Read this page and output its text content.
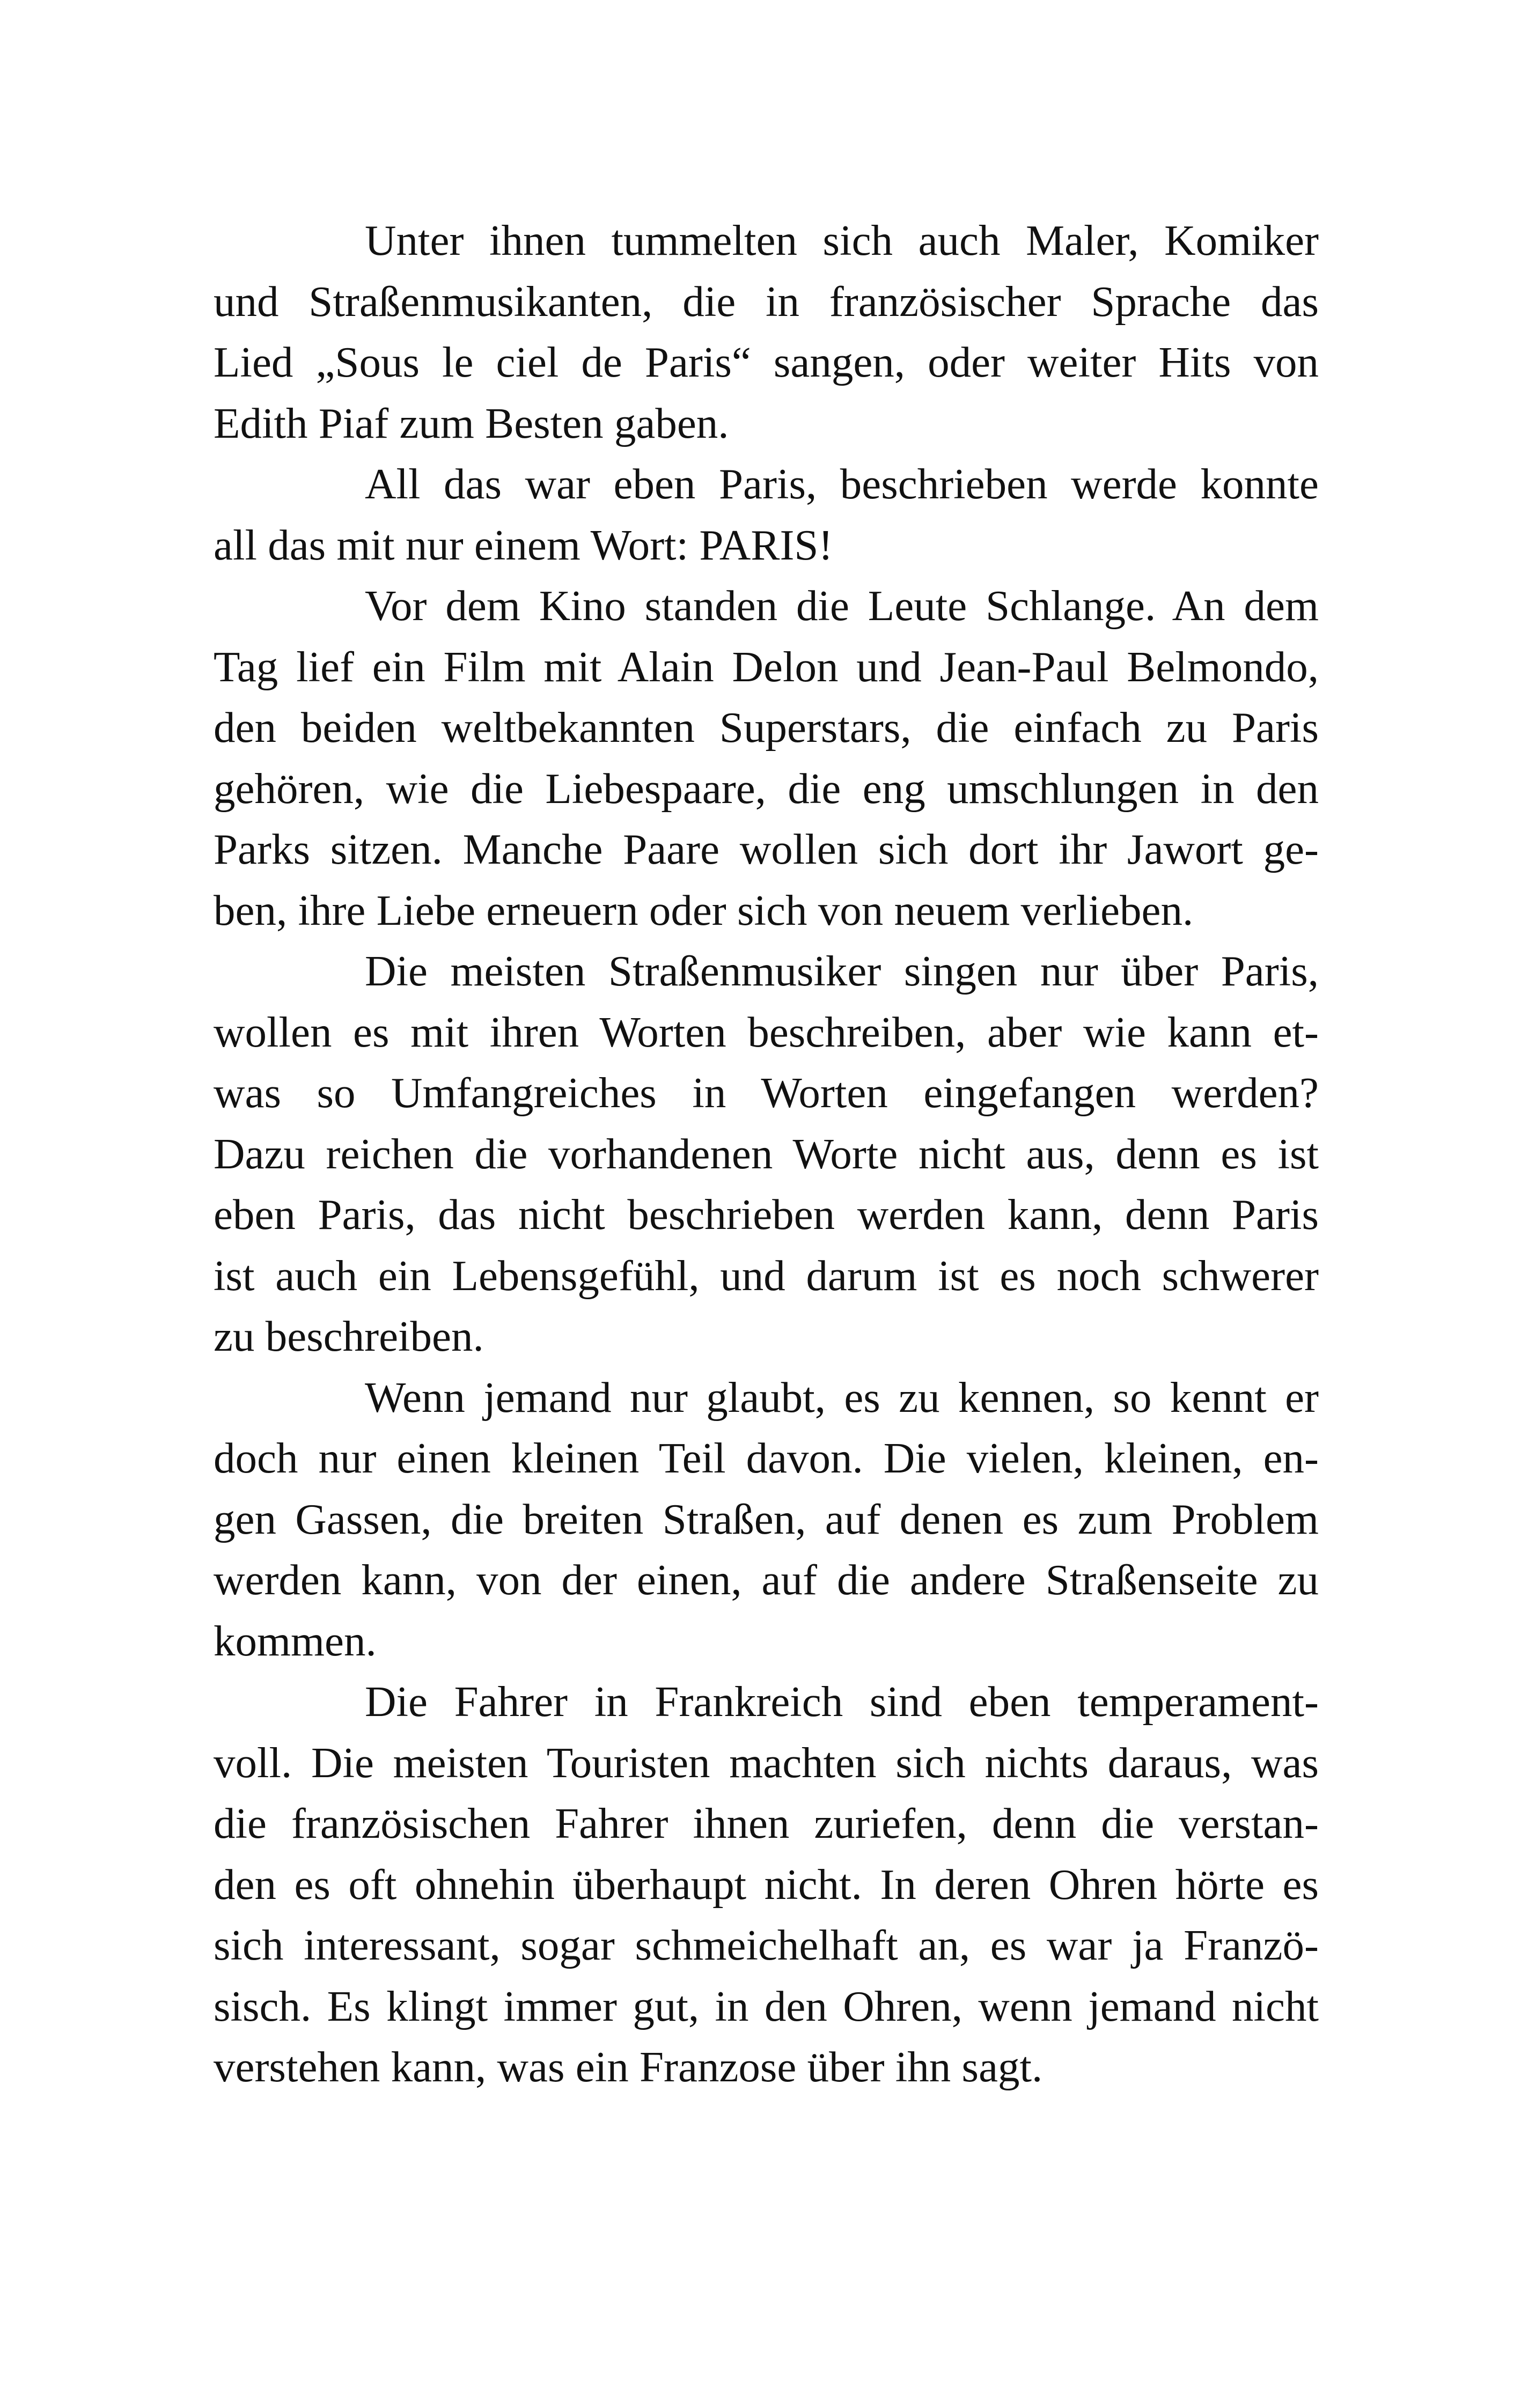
Unter ihnen tummelten sich auch Maler, Komiker
und Straßenmusikanten, die in französischer Sprache das
Lied „Sous le ciel de Paris“ sangen, oder weiter Hits von
Edith Piaf zum Besten gaben.
All das war eben Paris, beschrieben werde konnte
all das mit nur einem Wort: PARIS!
Vor dem Kino standen die Leute Schlange. An dem
Tag lief ein Film mit Alain Delon und Jean-Paul Belmondo,
den beiden weltbekannten Superstars, die einfach zu Paris
gehören, wie die Liebespaare, die eng umschlungen in den
Parks sitzen. Manche Paare wollen sich dort ihr Jawort ge-
ben, ihre Liebe erneuern oder sich von neuem verlieben.
Die meisten Straßenmusiker singen nur über Paris,
wollen es mit ihren Worten beschreiben, aber wie kann et-
was so Umfangreiches in Worten eingefangen werden?
Dazu reichen die vorhandenen Worte nicht aus, denn es ist
eben Paris, das nicht beschrieben werden kann, denn Paris
ist auch ein Lebensgefühl, und darum ist es noch schwerer
zu beschreiben.
Wenn jemand nur glaubt, es zu kennen, so kennt er
doch nur einen kleinen Teil davon. Die vielen, kleinen, en-
gen Gassen, die breiten Straßen, auf denen es zum Problem
werden kann, von der einen, auf die andere Straßenseite zu
kommen.
Die Fahrer in Frankreich sind eben temperament-
voll. Die meisten Touristen machten sich nichts daraus, was
die französischen Fahrer ihnen zuriefen, denn die verstan-
den es oft ohnehin überhaupt nicht. In deren Ohren hörte es
sich interessant, sogar schmeichelhaft an, es war ja Franzö-
sisch. Es klingt immer gut, in den Ohren, wenn jemand nicht
verstehen kann, was ein Franzose über ihn sagt.
